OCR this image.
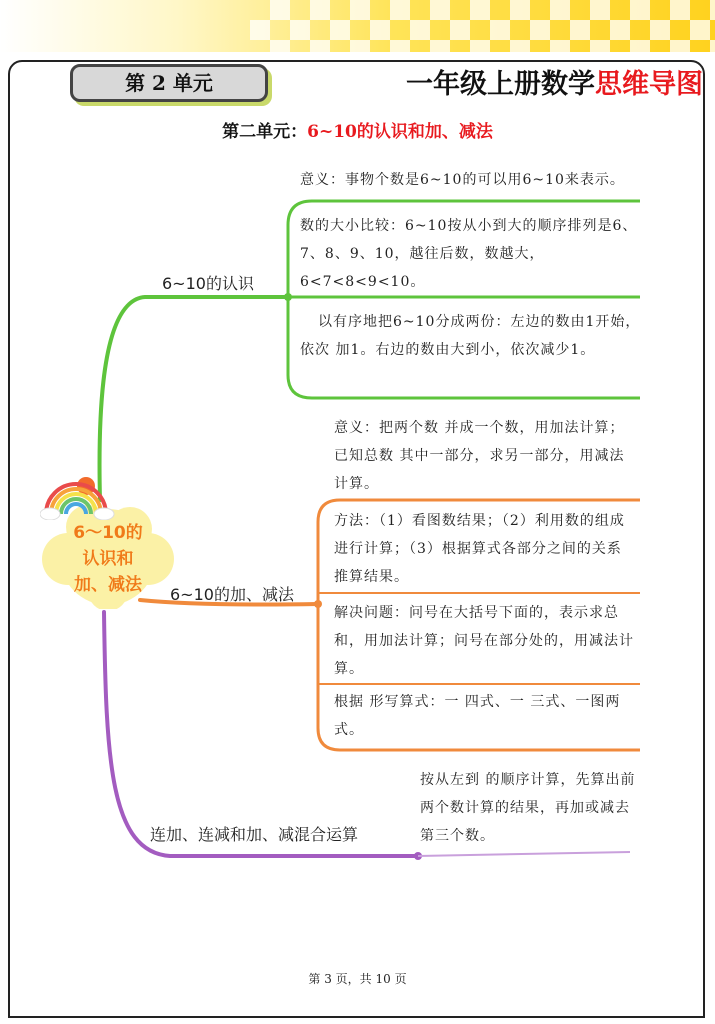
第 2 单元	一年级上册数学思维导图
第二单元：6~10的认识和加、减法
6～10的
认识和
加、减法
6~10的认识
6~10的加、减法
连加、连减和加、减混合运算
意义：事物个数是6~10的可以用6~10来表示。
数的大小比较：6~10按从小到大的顺序排列是6、7、8、9、10，越往后数，数越大，6<7<8<9<10。
以有序地把6~10分成两份：左边的数由1开始，依次 加1。右边的数由大到小，依次减少1。
意义：把两个数 并成一个数，用加法计算；已知总数 其中一部分，求另一部分，用减法计算。
方法：（1）看图数结果；（2）利用数的组成进行计算；（3）根据算式各部分之间的关系推算结果。
解决问题：问号在大括号下面的，表示求总和，用加法计算；问号在部分处的，用减法计算。
根据 形写算式：一 四式、一 三式、一图两式。
按从左到 的顺序计算，先算出前两个数计算的结果，再加或减去第三个数。
第 3 页，共 10 页
